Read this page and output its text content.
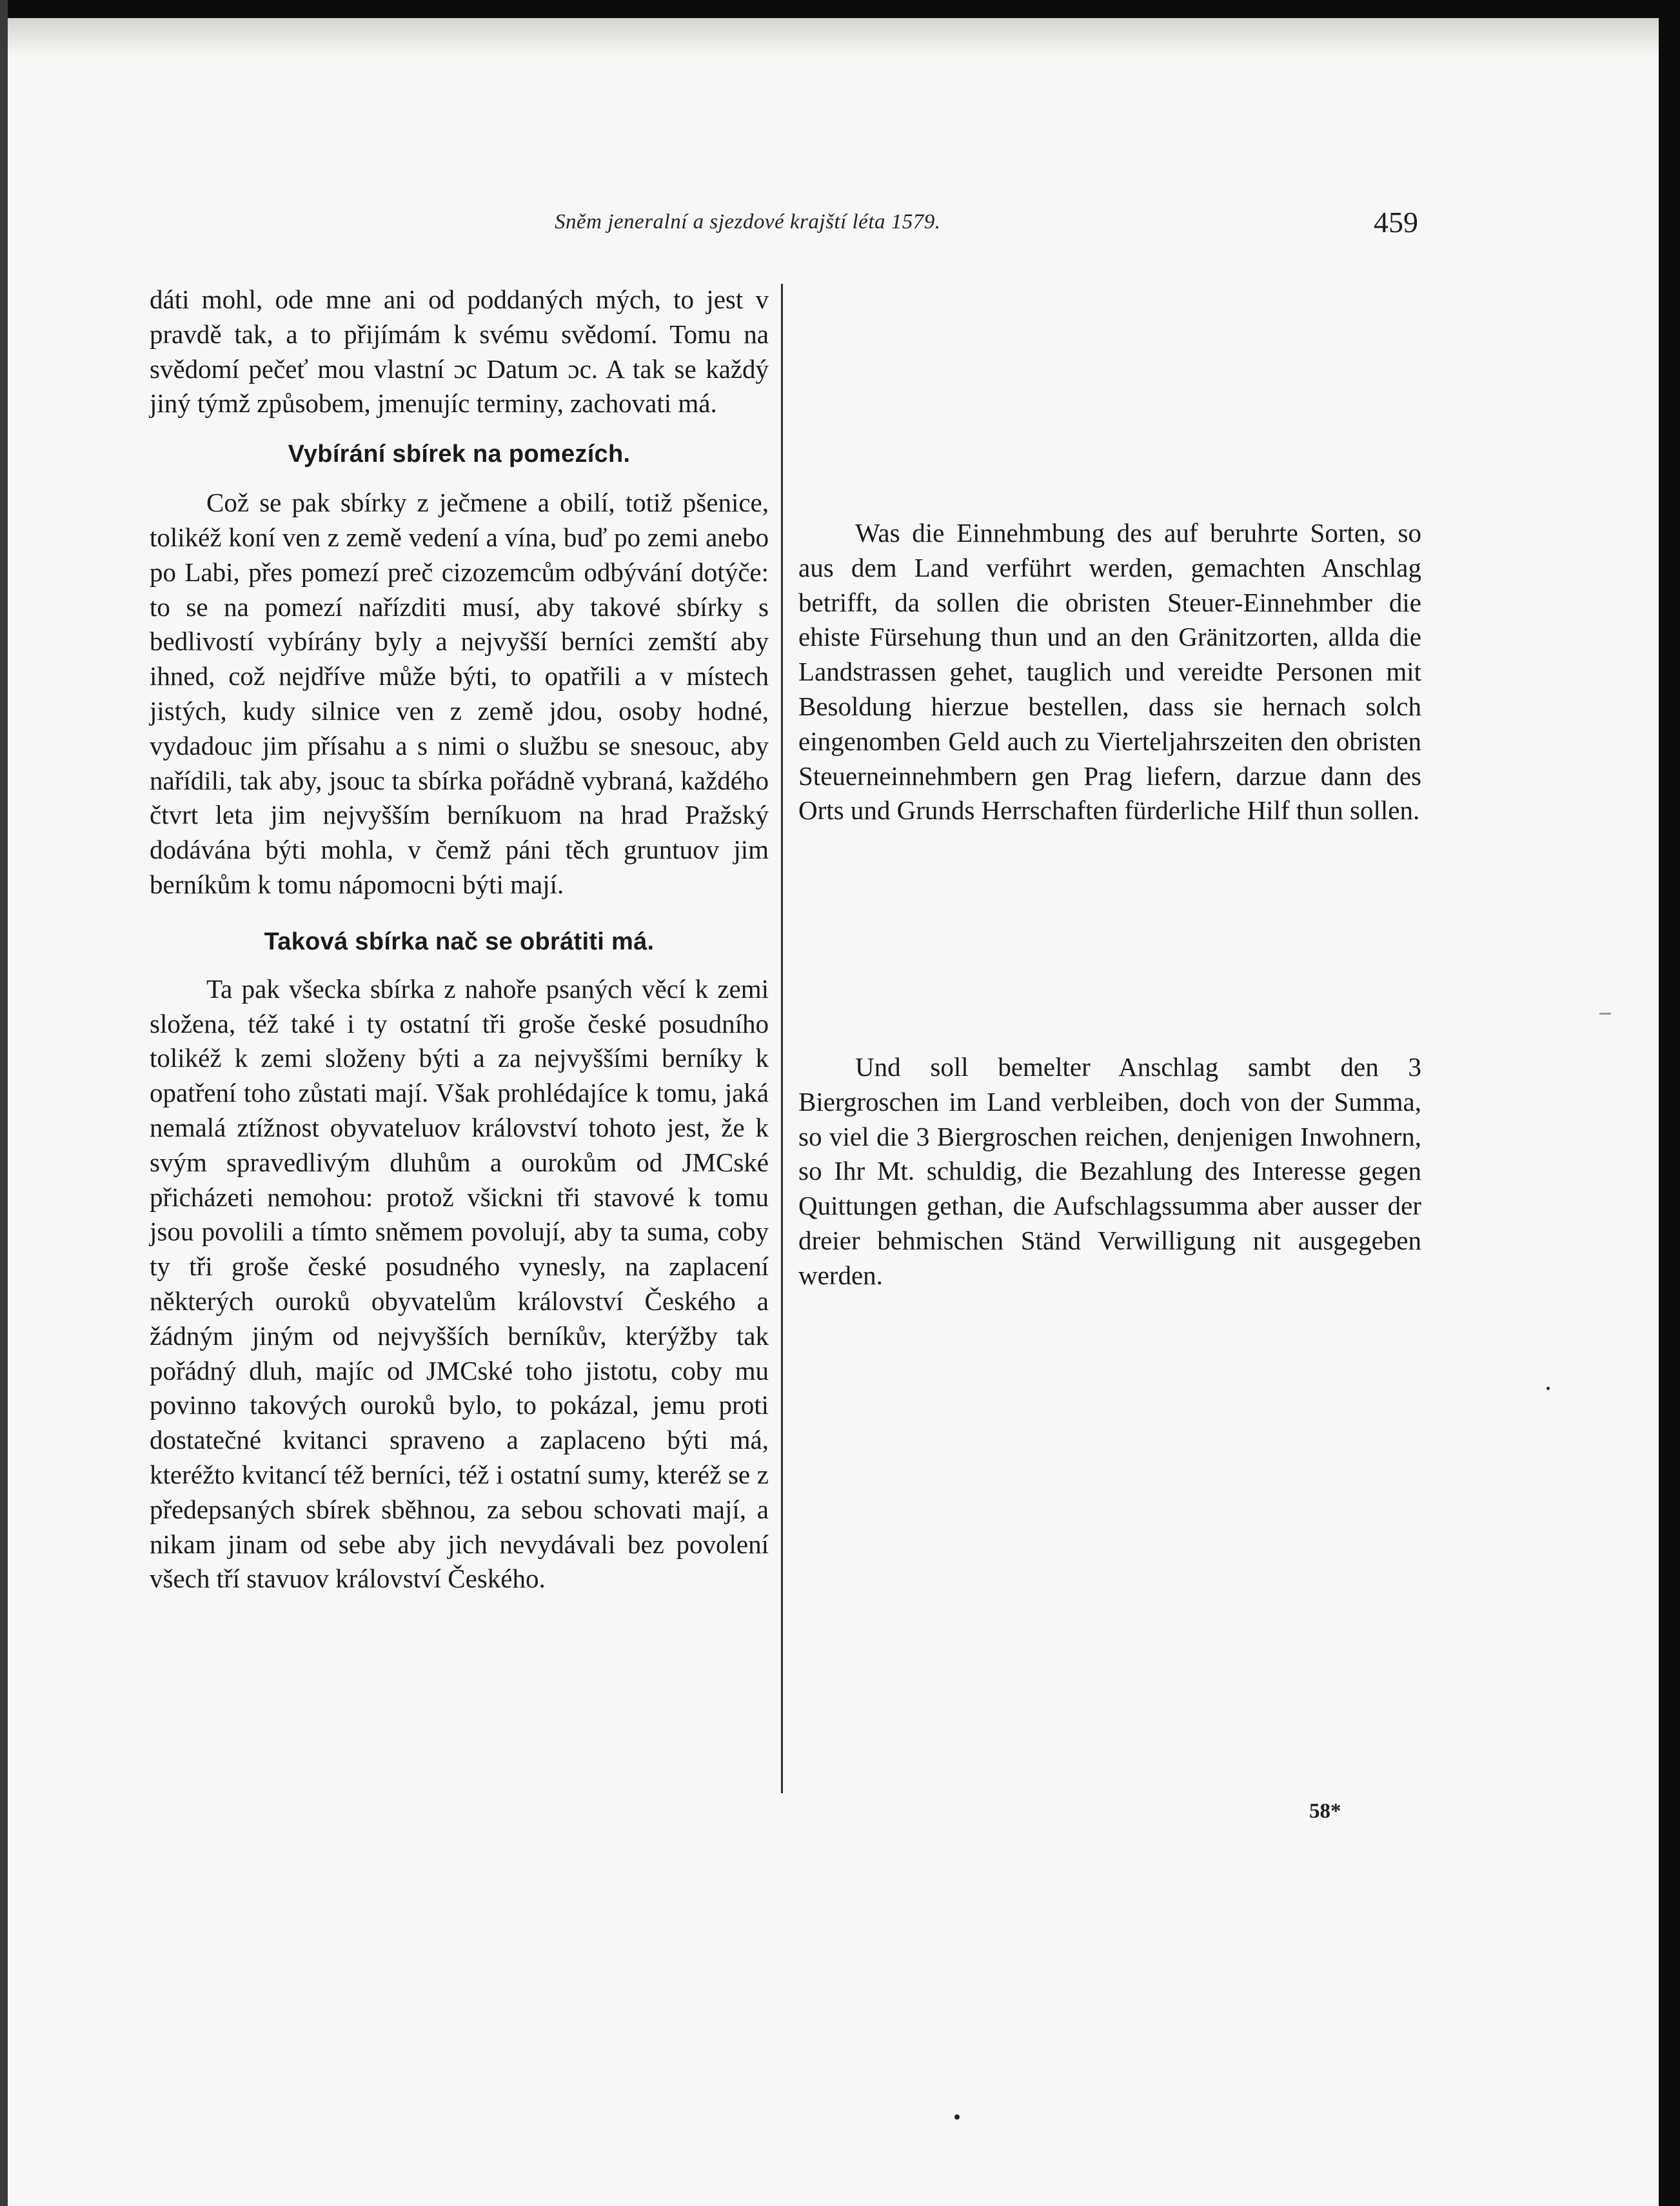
Sněm jeneralní a sjezdové krajští léta 1579.	459

dáti mohl, ode mne ani od poddaných mých, to jest v pravdě tak, a to přijímám k svému svědomí. Tomu na svědomí pečeť mou vlastní ɔc Datum ɔc. A tak se každý jiný týmž způsobem, jmenujíc terminy, zachovati má.

Vybírání sbírek na pomezích.

Což se pak sbírky z ječmene a obilí, totiž pšenice, tolikéž koní ven z země vedení a vína, buď po zemi anebo po Labi, přes pomezí preč cizozemcům odbývání dotýče: to se na pomezí nařízditi musí, aby takové sbírky s bedlivostí vybírány byly a nejvyšší berníci zemští aby ihned, což nejdříve může býti, to opatřili a v místech jistých, kudy silnice ven z země jdou, osoby hodné, vydadouc jim přísahu a s nimi o službu se snesouc, aby nařídili, tak aby, jsouc ta sbírka pořádně vybraná, každého čtvrt leta jim nejvyšším berníkuom na hrad Pražský dodávána býti mohla, v čemž páni těch gruntuov jim berníkům k tomu nápomocni býti mají.

Taková sbírka nač se obrátiti má.

Ta pak všecka sbírka z nahoře psaných věcí k zemi složena, též také i ty ostatní tři groše české posudního tolikéž k zemi složeny býti a za nejvyššími berníky k opatření toho zůstati mají. Však prohlédajíce k tomu, jaká nemalá ztížnost obyvateluov království tohoto jest, že k svým spravedlivým dluhům a ourokům od JMCské přicházeti nemohou: protož všickni tři stavové k tomu jsou povolili a tímto sněmem povolují, aby ta suma, coby ty tři groše české posudného vynesly, na zaplacení některých ouroků obyvatelům království Českého a žádným jiným od nejvyšších berníkův, kterýžby tak pořádný dluh, majíc od JMCské toho jistotu, coby mu povinno takových ouroků bylo, to pokázal, jemu proti dostatečné kvitanci spraveno a zaplaceno býti má, kteréžto kvitancí též berníci, též i ostatní sumy, kteréž se z předepsaných sbírek sběhnou, za sebou schovati mají, a nikam jinam od sebe aby jich nevydávali bez povolení všech tří stavuov království Českého.

Was die Einnehmbung des auf beruhrte Sorten, so aus dem Land verführt werden, gemachten Anschlag betrifft, da sollen die obristen Steuer-Einnehmber die ehiste Fürsehung thun und an den Gränitzorten, allda die Landstrassen gehet, tauglich und vereidte Personen mit Besoldung hierzue bestellen, dass sie hernach solch eingenomben Geld auch zu Vierteljahrszeiten den obristen Steuerneinnehmbern gen Prag liefern, darzue dann des Orts und Grunds Herrschaften fürderliche Hilf thun sollen.

Und soll bemelter Anschlag sambt den 3 Biergroschen im Land verbleiben, doch von der Summa, so viel die 3 Biergroschen reichen, denjenigen Inwohnern, so Ihr Mt. schuldig, die Bezahlung des Interesse gegen Quittungen gethan, die Aufschlagssumma aber ausser der dreier behmischen Ständ Verwilligung nit ausgegeben werden.

58*
